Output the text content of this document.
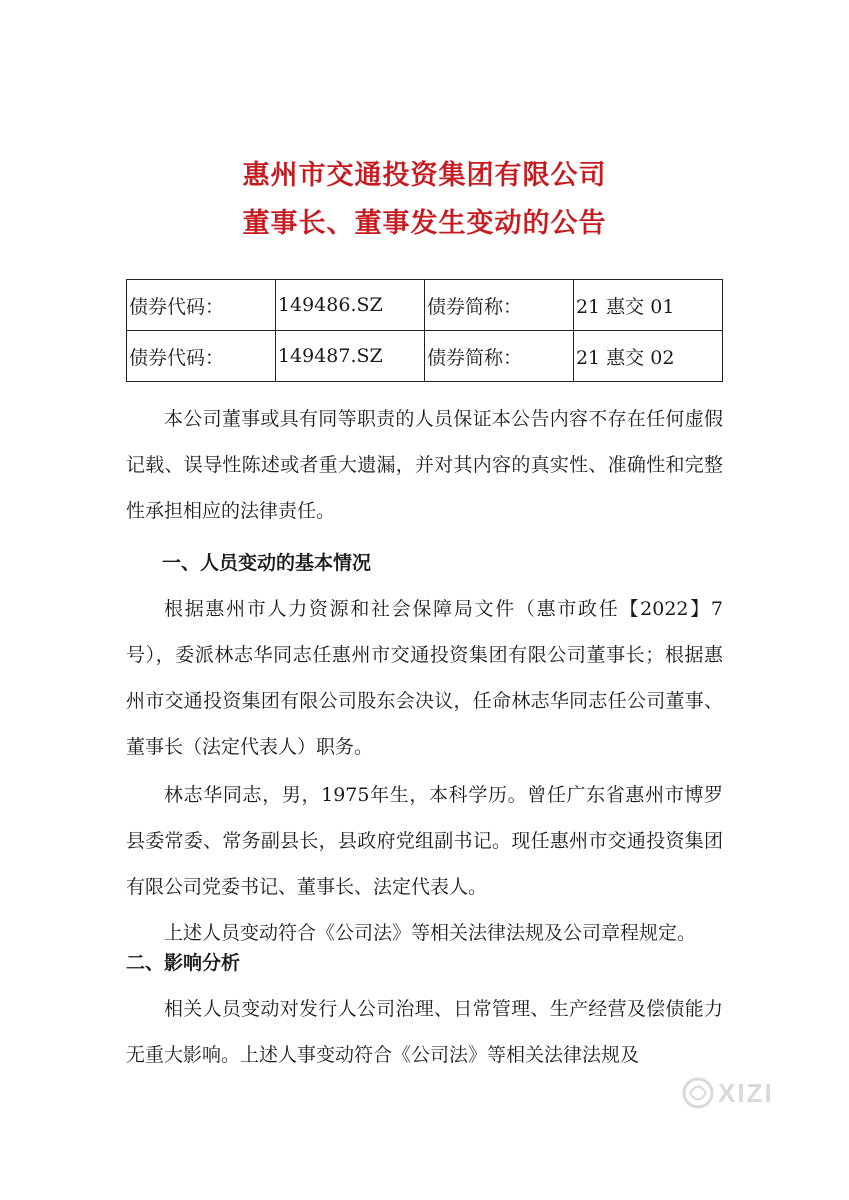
惠州市交通投资集团有限公司
董事长、董事发生变动的公告
债券代码：	149486.SZ	债券简称：	21 惠交 01
债券代码：	149487.SZ	债券简称：	21 惠交 02

本公司董事或具有同等职责的人员保证本公告内容不存在任何虚假记载、误导性陈述或者重大遗漏，并对其内容的真实性、准确性和完整性承担相应的法律责任。

一、人员变动的基本情况

根据惠州市人力资源和社会保障局文件（惠市政任【2022】7号），委派林志华同志任惠州市交通投资集团有限公司董事长；根据惠州市交通投资集团有限公司股东会决议，任命林志华同志任公司董事、董事长（法定代表人）职务。

林志华同志，男，1975年生，本科学历。曾任广东省惠州市博罗县委常委、常务副县长，县政府党组副书记。现任惠州市交通投资集团有限公司党委书记、董事长、法定代表人。

上述人员变动符合《公司法》等相关法律法规及公司章程规定。

二、影响分析

相关人员变动对发行人公司治理、日常管理、生产经营及偿债能力无重大影响。上述人事变动符合《公司法》等相关法律法规及

XIZI
